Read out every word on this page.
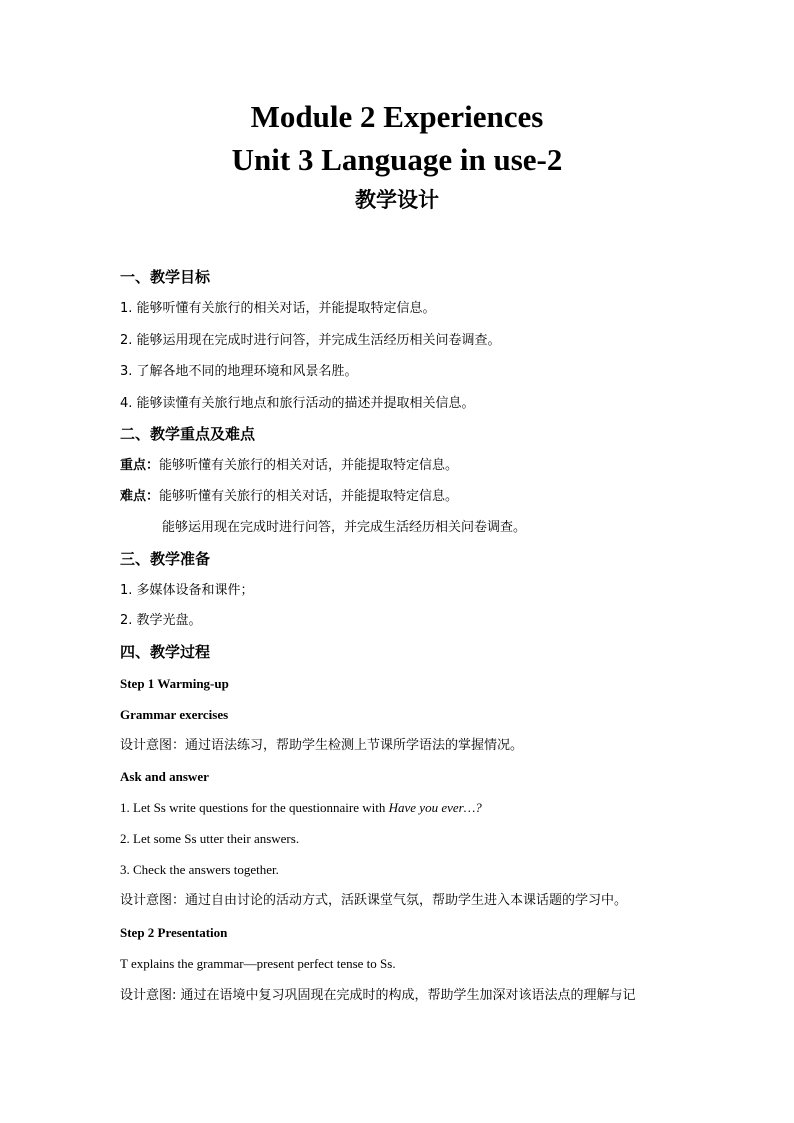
Module 2 Experiences
Unit 3 Language in use-2
教学设计
一、教学目标
1. 能够听懂有关旅行的相关对话，并能提取特定信息。
2. 能够运用现在完成时进行问答，并完成生活经历相关问卷调查。
3. 了解各地不同的地理环境和风景名胜。
4. 能够读懂有关旅行地点和旅行活动的描述并提取相关信息。
二、教学重点及难点
重点：能够听懂有关旅行的相关对话，并能提取特定信息。
难点：能够听懂有关旅行的相关对话，并能提取特定信息。
能够运用现在完成时进行问答，并完成生活经历相关问卷调查。
三、教学准备
1. 多媒体设备和课件；
2. 教学光盘。
四、教学过程
Step 1 Warming-up
Grammar exercises
设计意图：通过语法练习，帮助学生检测上节课所学语法的掌握情况。
Ask and answer
1. Let Ss write questions for the questionnaire with Have you ever…?
2. Let some Ss utter their answers.
3. Check the answers together.
设计意图：通过自由讨论的活动方式，活跃课堂气氛，帮助学生进入本课话题的学习中。
Step 2 Presentation
T explains the grammar—present perfect tense to Ss.
设计意图: 通过在语境中复习巩固现在完成时的构成，帮助学生加深对该语法点的理解与记
